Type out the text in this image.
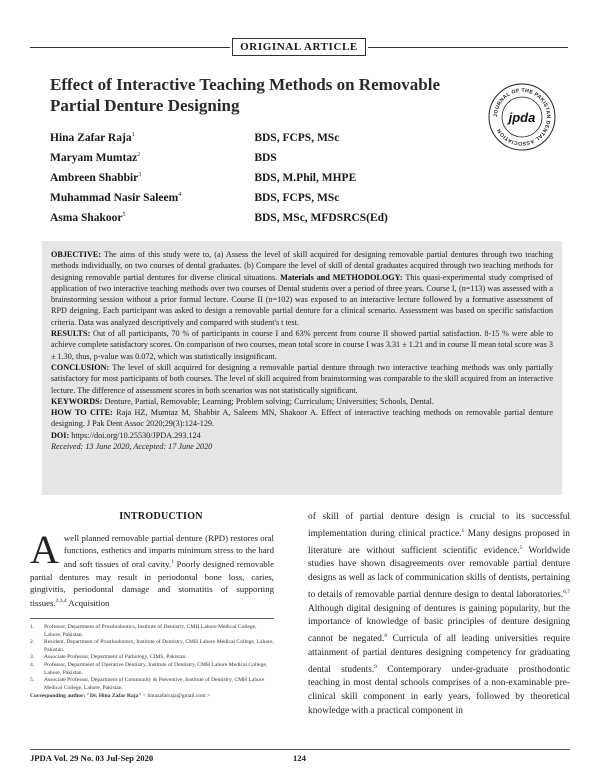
ORIGINAL ARTICLE
Effect of Interactive Teaching Methods on Removable Partial Denture Designing
JOURNAL OF THE PAKISTAN DENTAL ASSOCIATION
jpda
Hina Zafar Raja$^1$	BDS, FCPS, MSc
Maryam Mumtaz$^2$	BDS
Ambreen Shabbir$^3$	BDS, M.Phil, MHPE
Muhammad Nasir Saleem$^4$	BDS, FCPS, MSc
Asma Shakoor$^5$	BDS, MSc, MFDSRCS(Ed)

OBJECTIVE: The aims of this study were to, (a) Assess the level of skill acquired for designing removable partial dentures through two teaching methods individually, on two courses of dental graduates. (b) Compare the level of skill of dental graduates acquired through two teaching methods for designing removable partial dentures for diverse clinical situations. Materials and METHODOLOGY: This quasi-experimental study comprised of application of two interactive teaching methods over two courses of Dental students over a period of three years. Course I, (n=113) was assessed with a brainstorming session without a prior formal lecture. Course II (n=102) was exposed to an interactive lecture followed by a formative assessment of RPD deigning. Each participant was asked to design a removable partial denture for a clinical scenario. Assessment was based on specific satisfaction criteria. Data was analyzed descriptively and compared with student's t test.

RESULTS: Out of all participants, 70 % of participants in course I and 63% percent from course II showed partial satisfaction. 8-15 % were able to achieve complete satisfactory scores. On comparison of two courses, mean total score in course I was 3.31 ± 1.21 and in course II mean total score was 3 ± 1.30, thus, p-value was 0.072, which was statistically insignificant.

CONCLUSION: The level of skill acquired for designing a removable partial denture through two interactive teaching methods was only partially satisfactory for most participants of both courses. The level of skill acquired from brainstorming was comparable to the skill acquired from an interactive lecture. The difference of assessment scores in both scenarios was not statistically significant.

KEYWORDS: Denture, Partial, Removable; Learning; Problem solving; Curriculum; Universities; Schools, Dental.

HOW TO CITE: Raja HZ, Mumtaz M, Shabbir A, Saleem MN, Shakoor A. Effect of interactive teaching methods on removable partial denture designing. J Pak Dent Assoc 2020;29(3):124-129.

DOI: https://doi.org/10.25530/JPDA.293.124

Received: 13 June 2020, Accepted: 17 June 2020

INTRODUCTION
Awell planned removable partial denture (RPD) restores oral functions, esthetics and imparts minimum stress to the hard and soft tissues of oral cavity.$^1$ Poorly designed removable partial dentures may result in periodontal bone loss, caries, gingivitis, periodontal damage and stomatitis of supporting tissues.$^{2,3,4}$ Acquisition
1.	Professor, Department of Prosthodontics, Institute of Dentistry, CMH Lahore Medical College, Lahore, Pakistan.
2.	Resident, Department of Prosthodontics, Institute of Dentistry, CMH Lahore Medical College, Lahore, Pakistan.
3.	Associate Professor, Department of Pathology, CIMS, Pakistan.
4.	Professor, Department of Operative Dentistry, Institute of Dentistry, CMH Lahore Medical College, Lahore, Pakistan.
5.	Associate Professor, Department of Community & Preventive, Institute of Dentistry, CMH Lahore Medical College, Lahore, Pakistan.
Corresponding author: "Dr. Hina Zafar Raja" < hinazafarraja@gmail.com >
of skill of partial denture design is crucial to its successful implementation during clinical practice.$^1$ Many designs proposed in literature are without sufficient scientific evidence.$^5$ Worldwide studies have shown disagreements over removable partial denture designs as well as lack of communication skills of dentists, pertaining to details of removable partial denture design to dental laboratories.$^{6,7}$ Although digital designing of dentures is gaining popularity, but the importance of knowledge of basic principles of denture designing cannot be negated.$^8$ Curricula of all leading universities require attainment of partial dentures designing competency for graduating dental students.$^9$ Contemporary under-graduate prosthodontic teaching in most dental schools comprises of a non-examinable pre-clinical skill component in early years, followed by theoretical knowledge with a practical component in
JPDA Vol. 29 No. 03 Jul-Sep 2020	124
